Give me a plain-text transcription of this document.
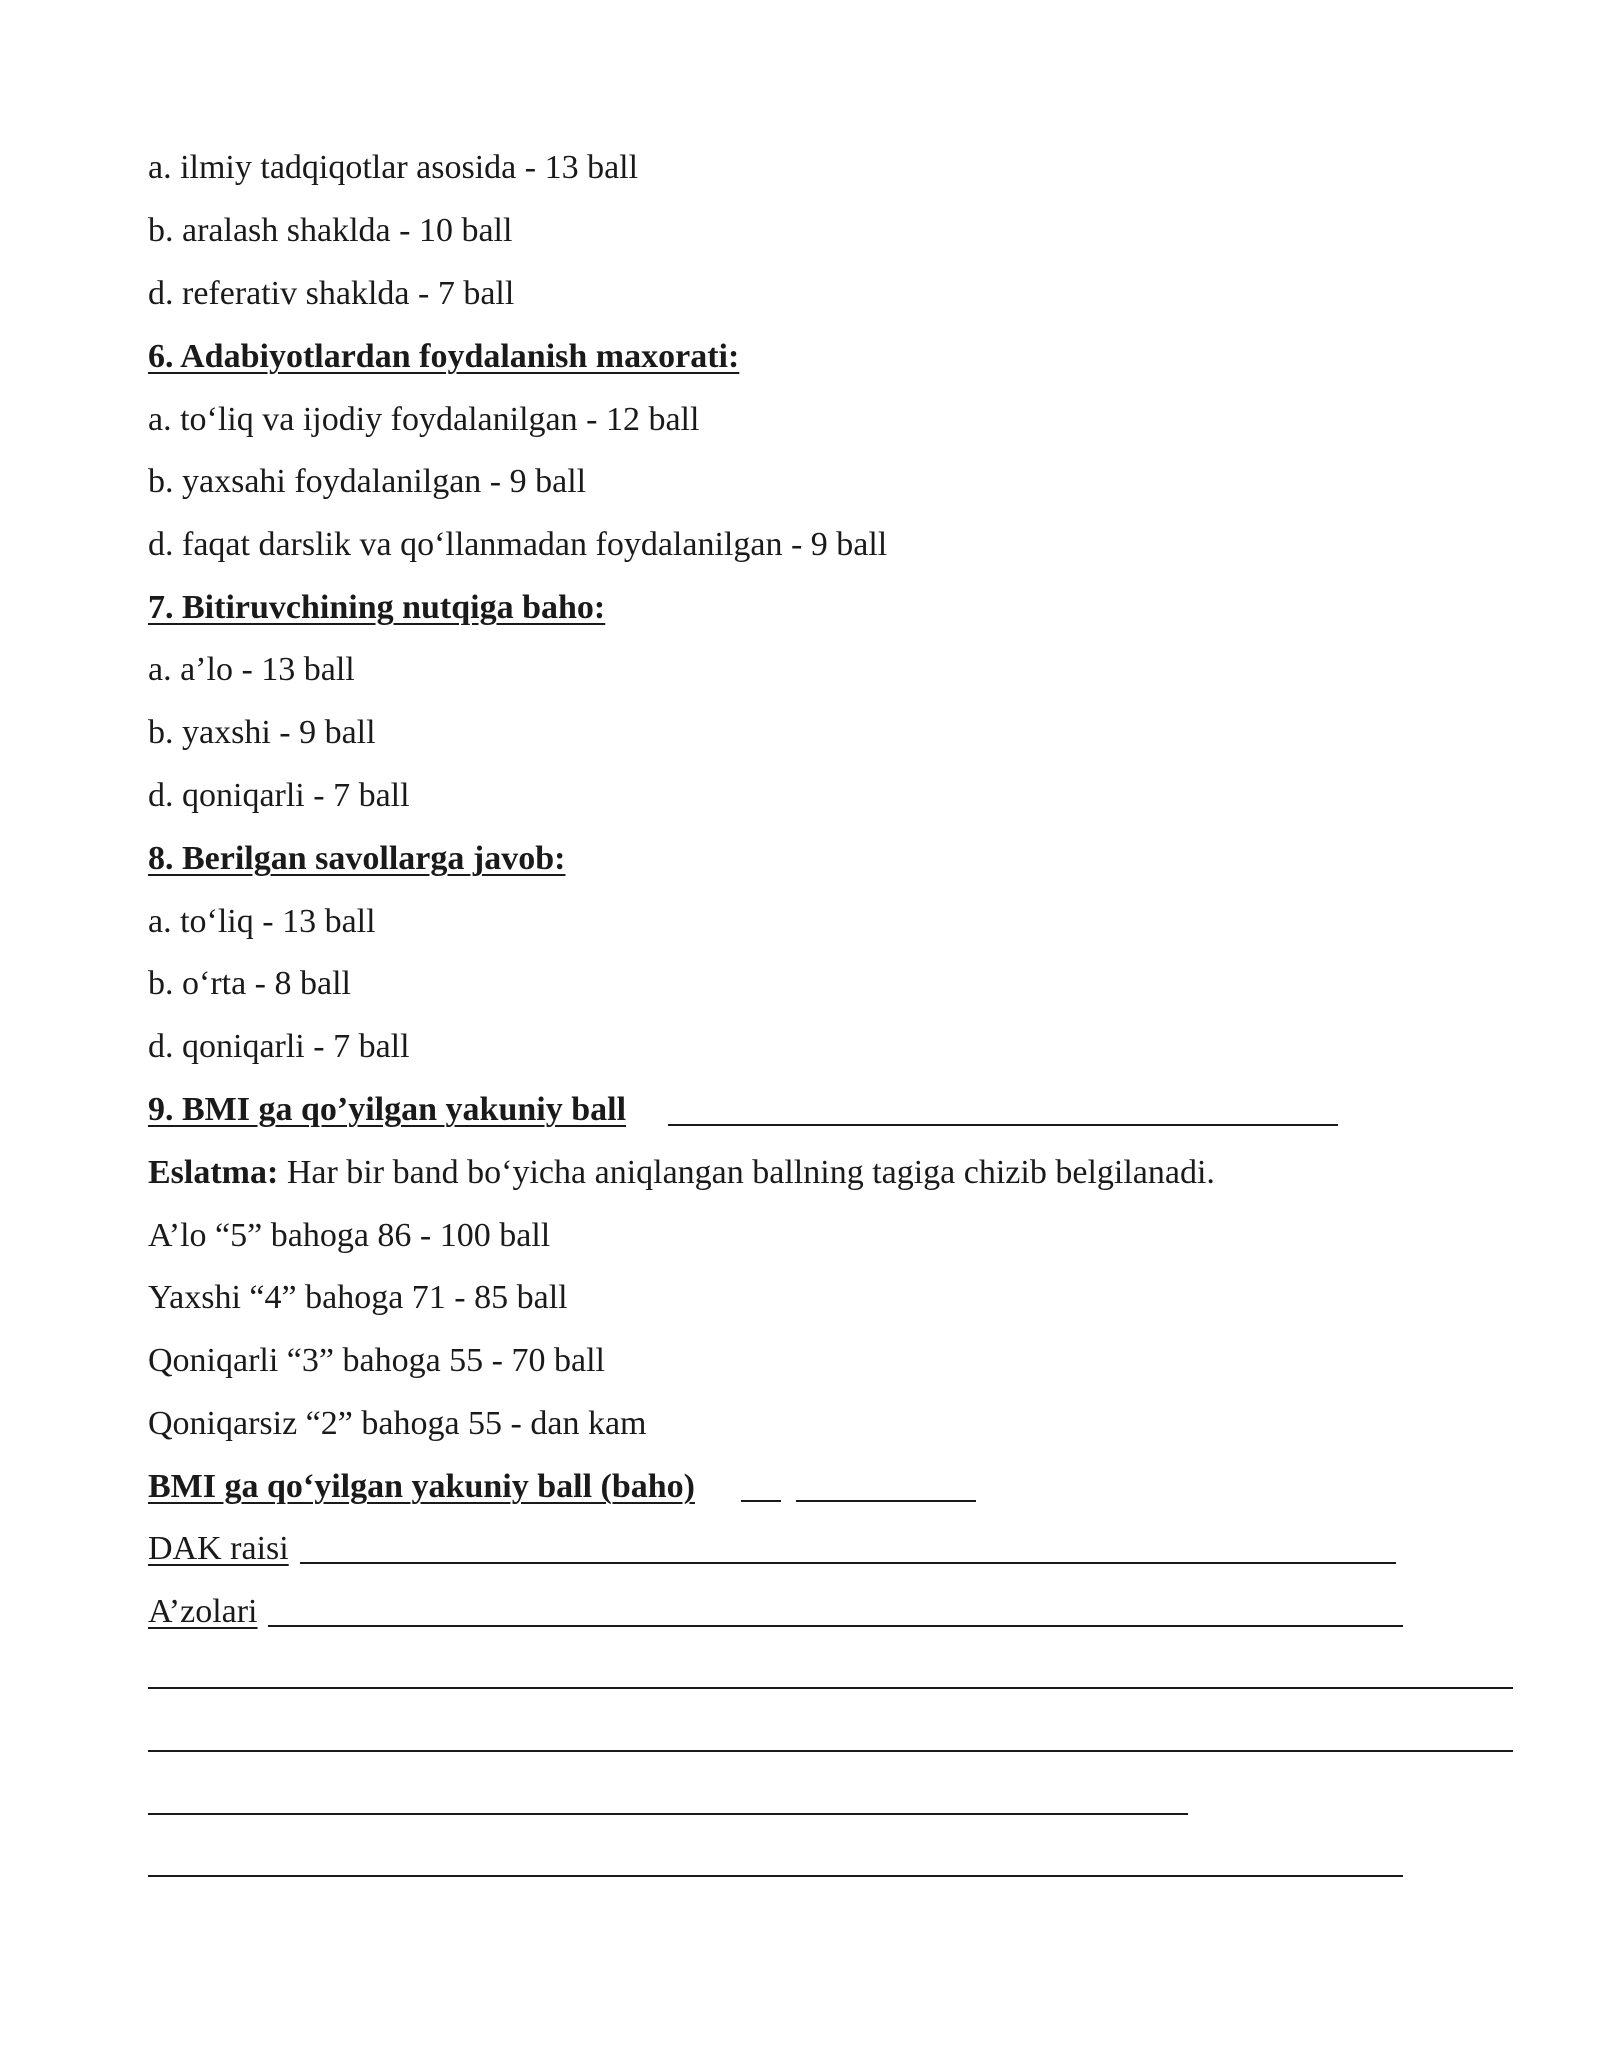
a. ilmiy tadqiqotlar asosida - 13 ball
b. aralash shaklda - 10 ball
d. referativ shaklda - 7 ball
6. Adabiyotlardan foydalanish maxorati:
a. to‘liq va ijodiy foydalanilgan - 12 ball
b. yaxsahi foydalanilgan - 9 ball
d. faqat darslik va qo‘llanmadan foydalanilgan - 9 ball
7. Bitiruvchining nutqiga baho:
a. a’lo - 13 ball
b. yaxshi - 9 ball
d. qoniqarli - 7 ball
8. Berilgan savollarga javob:
a. to‘liq - 13 ball
b. o‘rta - 8 ball
d. qoniqarli - 7 ball
9. BMI ga qo’yilgan yakuniy ball
Eslatma: Har bir band bo‘yicha aniqlangan ballning tagiga chizib belgilanadi.
A’lo “5” bahoga 86 - 100 ball
Yaxshi “4” bahoga 71 - 85 ball
Qoniqarli “3” bahoga 55 - 70 ball
Qoniqarsiz “2” bahoga 55 - dan kam
BMI ga qo‘yilgan yakuniy ball (baho)
DAK raisi
A’zolari
